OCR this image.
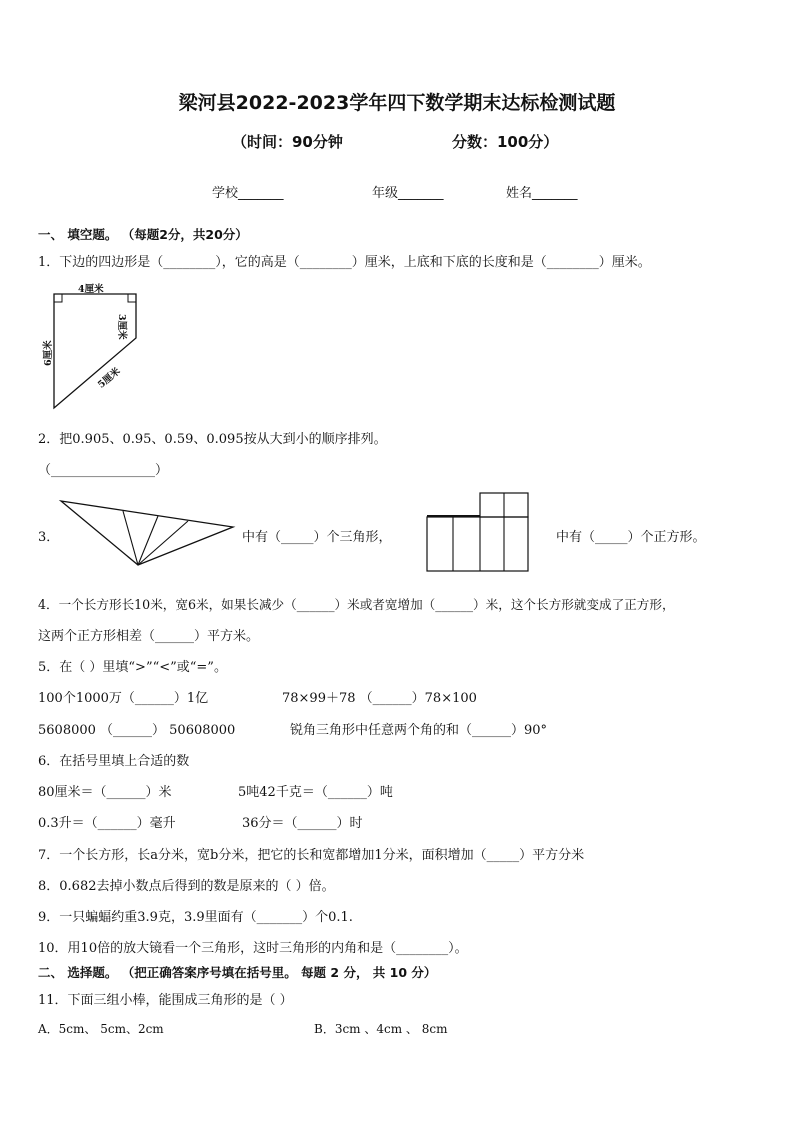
梁河县2022-2023学年四下数学期末达标检测试题
（时间：90分钟	分数：100分）
学校_______	年级_______	姓名_______
一、 填空题。 （每题2分，共20分）
1．下边的四边形是（________），它的高是（________）厘米，上底和下底的长度和是（________）厘米。
4厘米
3厘米
6厘米
5厘米
2．把0.905、0.95、0.59、0.095按从大到小的顺序排列。
（________________）
3．	中有（_____）个三角形，	中有（_____）个正方形。
4．一个长方形长10米，宽6米，如果长减少（______）米或者宽增加（______）米，这个长方形就变成了正方形，
这两个正方形相差（______）平方米。
5．在（ ）里填“>”“<”或“=”。
100个1000万（______）1亿	78×99＋78 （______）78×100
5608000 （______） 50608000	锐角三角形中任意两个角的和（______）90°
6．在括号里填上合适的数
80厘米＝（______）米	5吨42千克＝（______）吨
0.3升＝（______）毫升	36分＝（______）时
7．一个长方形，长a分米，宽b分米，把它的长和宽都增加1分米，面积增加（_____）平方分米
8．0.682去掉小数点后得到的数是原来的（ ）倍。
9．一只蝙蝠约重3.9克，3.9里面有（_______）个0.1.
10．用10倍的放大镜看一个三角形，这时三角形的内角和是（________）。
二、 选择题。 （把正确答案序号填在括号里。 每题 2 分， 共 10 分）
11．下面三组小棒，能围成三角形的是（ ）
A．5cm、 5cm、2cm	B．3cm 、4cm 、 8cm
